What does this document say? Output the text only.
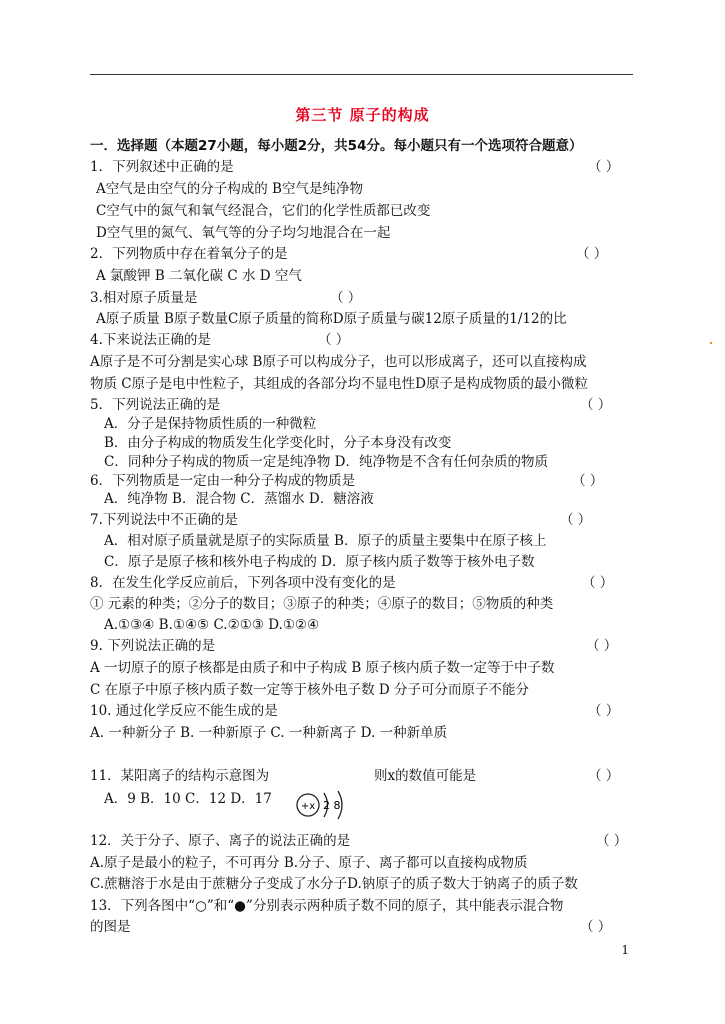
第三节 原子的构成
一．选择题（本题27小题，每小题2分，共54分。每小题只有一个选项符合题意）
1．下列叙述中正确的是
A空气是由空气的分子构成的 B空气是纯净物
C空气中的氮气和氧气经混合，它们的化学性质都已改变
D空气里的氮气、氧气等的分子均匀地混合在一起
2．下列物质中存在着氧分子的是
A 氯酸钾 B 二氧化碳 C 水 D 空气
3.相对原子质量是
A原子质量 B原子数量C原子质量的简称D原子质量与碳12原子质量的1/12的比
4.下来说法正确的是
A原子是不可分割是实心球 B原子可以构成分子，也可以形成离子，还可以直接构成
物质 C原子是电中性粒子，其组成的各部分均不显电性D原子是构成物质的最小微粒
5．下列说法正确的是
A．分子是保持物质性质的一种微粒
B．由分子构成的物质发生化学变化时，分子本身没有改变
C．同种分子构成的物质一定是纯净物 D．纯净物是不含有任何杂质的物质
6．下列物质是一定由一种分子构成的物质是
A．纯净物 B．混合物 C．蒸馏水 D．糖溶液
7.下列说法中不正确的是
A．相对原子质量就是原子的实际质量 B．原子的质量主要集中在原子核上
C．原子是原子核和核外电子构成的 D．原子核内质子数等于核外电子数
8．在发生化学反应前后，下列各项中没有变化的是
① 元素的种类；②分子的数目；③原子的种类；④原子的数目；⑤物质的种类
A.①③④ B.①④⑤ C.②①③ D.①②④
9. 下列说法正确的是
A 一切原子的原子核都是由质子和中子构成 B 原子核内质子数一定等于中子数
C 在原子中原子核内质子数一定等于核外电子数 D 分子可分而原子不能分
10. 通过化学反应不能生成的是
A. 一种新分子 B. 一种新原子 C. 一种新离子 D. 一种新单质
11．某阳离子的结构示意图为	则x的数值可能是
A．9 B．10 C．12 D．17
12．关于分子、原子、离子的说法正确的是
A.原子是最小的粒子，不可再分 B.分子、原子、离子都可以直接构成物质
C.蔗糖溶于水是由于蔗糖分子变成了水分子D.钠原子的质子数大于钠离子的质子数
13．下列各图中“○”和“●”分别表示两种质子数不同的原子，其中能表示混合物
的图是
（ ）
（ ）
（ ）
（ ）
（ ）
（ ）
（ ）
（ ）
（ ）
（ ）
（ ）
（ ）
（ ）
+x 2 8
1
